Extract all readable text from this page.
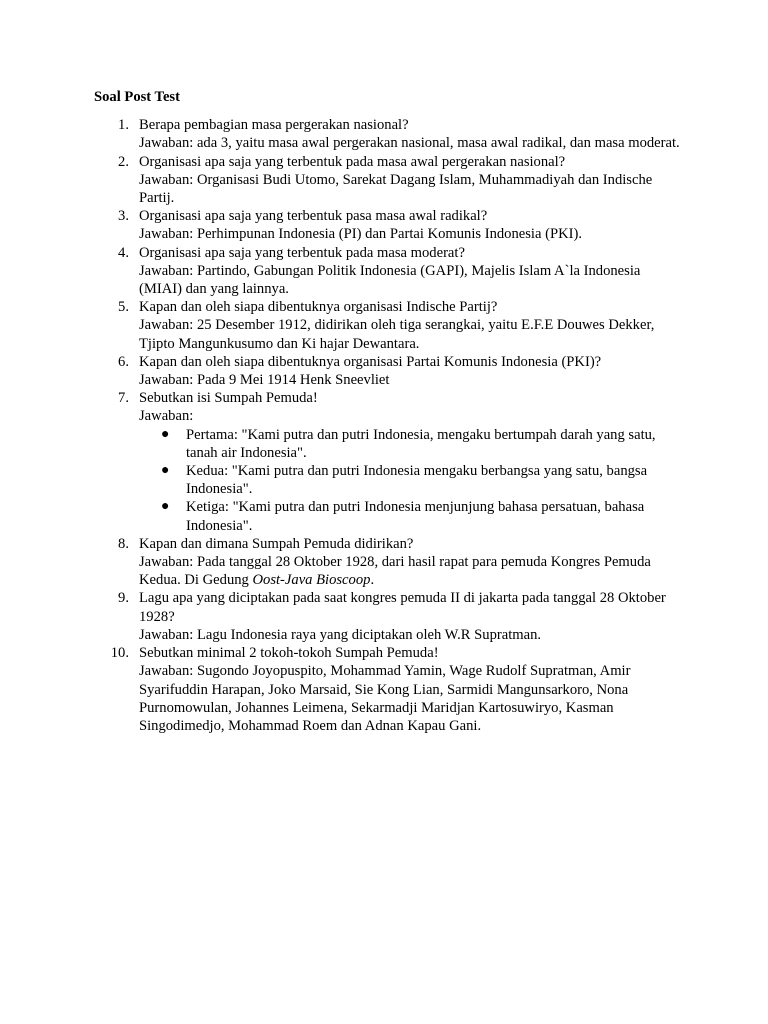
Soal Post Test
1. Berapa pembagian masa pergerakan nasional?
Jawaban: ada 3, yaitu masa awal pergerakan nasional, masa awal radikal, dan masa moderat.
2. Organisasi apa saja yang terbentuk pada masa awal pergerakan nasional?
Jawaban: Organisasi Budi Utomo, Sarekat Dagang Islam, Muhammadiyah dan Indische Partij.
3. Organisasi apa saja yang terbentuk pasa masa awal radikal?
Jawaban: Perhimpunan Indonesia (PI) dan Partai Komunis Indonesia (PKI).
4. Organisasi apa saja yang terbentuk pada masa moderat?
Jawaban: Partindo, Gabungan Politik Indonesia (GAPI), Majelis Islam A`la Indonesia (MIAI) dan yang lainnya.
5. Kapan dan oleh siapa dibentuknya organisasi Indische Partij?
Jawaban: 25 Desember 1912, didirikan oleh tiga serangkai, yaitu E.F.E Douwes Dekker, Tjipto Mangunkusumo dan Ki hajar Dewantara.
6. Kapan dan oleh siapa dibentuknya organisasi Partai Komunis Indonesia (PKI)?
Jawaban: Pada 9 Mei 1914 Henk Sneevliet
7. Sebutkan isi Sumpah Pemuda!
Jawaban:
● Pertama: "Kami putra dan putri Indonesia, mengaku bertumpah darah yang satu, tanah air Indonesia".
● Kedua: "Kami putra dan putri Indonesia mengaku berbangsa yang satu, bangsa Indonesia".
● Ketiga: "Kami putra dan putri Indonesia menjunjung bahasa persatuan, bahasa Indonesia".
8. Kapan dan dimana Sumpah Pemuda didirikan?
Jawaban: Pada tanggal 28 Oktober 1928, dari hasil rapat para pemuda Kongres Pemuda Kedua. Di Gedung Oost-Java Bioscoop.
9. Lagu apa yang diciptakan pada saat kongres pemuda II di jakarta pada tanggal 28 Oktober 1928?
Jawaban: Lagu Indonesia raya yang diciptakan oleh W.R Supratman.
10. Sebutkan minimal 2 tokoh-tokoh Sumpah Pemuda!
Jawaban: Sugondo Joyopuspito, Mohammad Yamin, Wage Rudolf Supratman, Amir Syarifuddin Harapan, Joko Marsaid, Sie Kong Lian, Sarmidi Mangunsarkoro, Nona Purnomowulan, Johannes Leimena, Sekarmadji Maridjan Kartosuwiryo, Kasman Singodimedjo, Mohammad Roem dan Adnan Kapau Gani.
